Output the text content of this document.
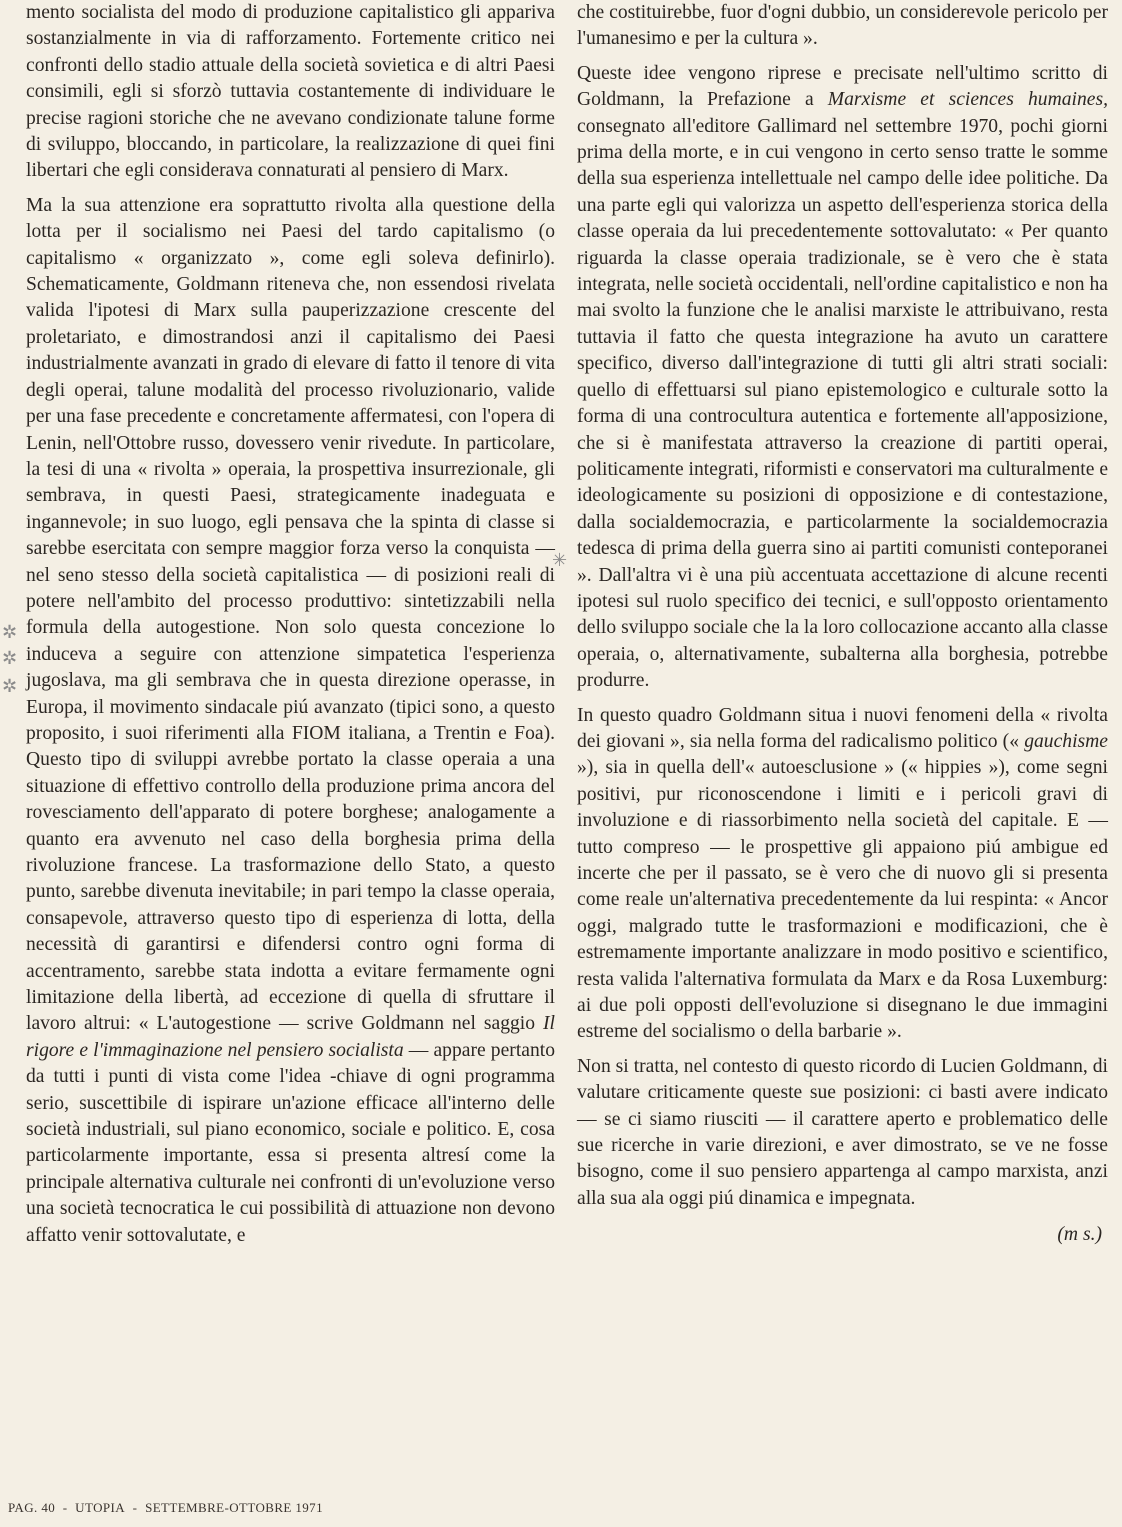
mento socialista del modo di produzione capitalistico gli appariva sostanzialmente in via di rafforzamento. Fortemente critico nei confronti dello stadio attuale della società sovietica e di altri Paesi consimili, egli si sforzò tuttavia costantemente di individuare le precise ragioni storiche che ne avevano condizionate talune forme di sviluppo, bloccando, in particolare, la realizzazione di quei fini libertari che egli considerava connaturati al pensiero di Marx.

Ma la sua attenzione era soprattutto rivolta alla questione della lotta per il socialismo nei Paesi del tardo capitalismo (o capitalismo « organizzato », come egli soleva definirlo). Schematicamente, Goldmann riteneva che, non essendosi rivelata valida l'ipotesi di Marx sulla pauperizzazione crescente del proletariato, e dimostrandosi anzi il capitalismo dei Paesi industrialmente avanzati in grado di elevare di fatto il tenore di vita degli operai, talune modalità del processo rivoluzionario, valide per una fase precedente e concretamente affermatesi, con l'opera di Lenin, nell'Ottobre russo, dovessero venir rivedute. In particolare, la tesi di una « rivolta » operaia, la prospettiva insurrezionale, gli sembrava, in questi Paesi, strategicamente inadeguata e ingannevole; in suo luogo, egli pensava che la spinta di classe si sarebbe esercitata con sempre maggior forza verso la conquista — nel seno stesso della società capitalistica — di posizioni reali di potere nell'ambito del processo produttivo: sintetizzabili nella formula della autogestione. Non solo questa concezione lo induceva a seguire con attenzione simpatetica l'esperienza jugoslava, ma gli sembrava che in questa direzione operasse, in Europa, il movimento sindacale piú avanzato (tipici sono, a questo proposito, i suoi riferimenti alla FIOM italiana, a Trentin e Foa). Questo tipo di sviluppi avrebbe portato la classe operaia a una situazione di effettivo controllo della produzione prima ancora del rovesciamento dell'apparato di potere borghese; analogamente a quanto era avvenuto nel caso della borghesia prima della rivoluzione francese. La trasformazione dello Stato, a questo punto, sarebbe divenuta inevitabile; in pari tempo la classe operaia, consapevole, attraverso questo tipo di esperienza di lotta, della necessità di garantirsi e difendersi contro ogni forma di accentramento, sarebbe stata indotta a evitare fermamente ogni limitazione della libertà, ad eccezione di quella di sfruttare il lavoro altrui: « L'autogestione — scrive Goldmann nel saggio Il rigore e l'immaginazione nel pensiero socialista — appare pertanto da tutti i punti di vista come l'idea -chiave di ogni programma serio, suscettibile di ispirare un'azione efficace all'interno delle società industriali, sul piano economico, sociale e politico. E, cosa particolarmente importante, essa si presenta altresí come la principale alternativa culturale nei confronti di un'evoluzione verso una società tecnocratica le cui possibilità di attuazione non devono affatto venir sottovalutate, e

che costituirebbe, fuor d'ogni dubbio, un considerevole pericolo per l'umanesimo e per la cultura ».

Queste idee vengono riprese e precisate nell'ultimo scritto di Goldmann, la Prefazione a Marxisme et sciences humaines, consegnato all'editore Gallimard nel settembre 1970, pochi giorni prima della morte, e in cui vengono in certo senso tratte le somme della sua esperienza intellettuale nel campo delle idee politiche. Da una parte egli qui valorizza un aspetto dell'esperienza storica della classe operaia da lui precedentemente sottovalutato: « Per quanto riguarda la classe operaia tradizionale, se è vero che è stata integrata, nelle società occidentali, nell'ordine capitalistico e non ha mai svolto la funzione che le analisi marxiste le attribuivano, resta tuttavia il fatto che questa integrazione ha avuto un carattere specifico, diverso dall'integrazione di tutti gli altri strati sociali: quello di effettuarsi sul piano epistemologico e culturale sotto la forma di una controcultura autentica e fortemente all'apposizione, che si è manifestata attraverso la creazione di partiti operai, politicamente integrati, riformisti e conservatori ma culturalmente e ideologicamente su posizioni di opposizione e di contestazione, dalla socialdemocrazia, e particolarmente la socialdemocrazia tedesca di prima della guerra sino ai partiti comunisti conteporanei ». Dall'altra vi è una più accentuata accettazione di alcune recenti ipotesi sul ruolo specifico dei tecnici, e sull'opposto orientamento dello sviluppo sociale che la la loro collocazione accanto alla classe operaia, o, alternativamente, subalterna alla borghesia, potrebbe produrre.

In questo quadro Goldmann situa i nuovi fenomeni della « rivolta dei giovani », sia nella forma del radicalismo politico (« gauchisme »), sia in quella dell'« autoesclusione » (« hippies »), come segni positivi, pur riconoscendone i limiti e i pericoli gravi di involuzione e di riassorbimento nella società del capitale. E — tutto compreso — le prospettive gli appaiono piú ambigue ed incerte che per il passato, se è vero che di nuovo gli si presenta come reale un'alternativa precedentemente da lui respinta: « Ancor oggi, malgrado tutte le trasformazioni e modificazioni, che è estremamente importante analizzare in modo positivo e scientifico, resta valida l'alternativa formulata da Marx e da Rosa Luxemburg: ai due poli opposti dell'evoluzione si disegnano le due immagini estreme del socialismo o della barbarie ».

Non si tratta, nel contesto di questo ricordo di Lucien Goldmann, di valutare criticamente queste sue posizioni: ci basti avere indicato — se ci siamo riusciti — il carattere aperto e problematico delle sue ricerche in varie direzioni, e aver dimostrato, se ve ne fosse bisogno, come il suo pensiero appartenga al campo marxista, anzi alla sua ala oggi piú dinamica e impegnata.

(m s.)
✳
✲
✲
✲
PAG. 40 - UTOPIA - SETTEMBRE-OTTOBRE 1971
